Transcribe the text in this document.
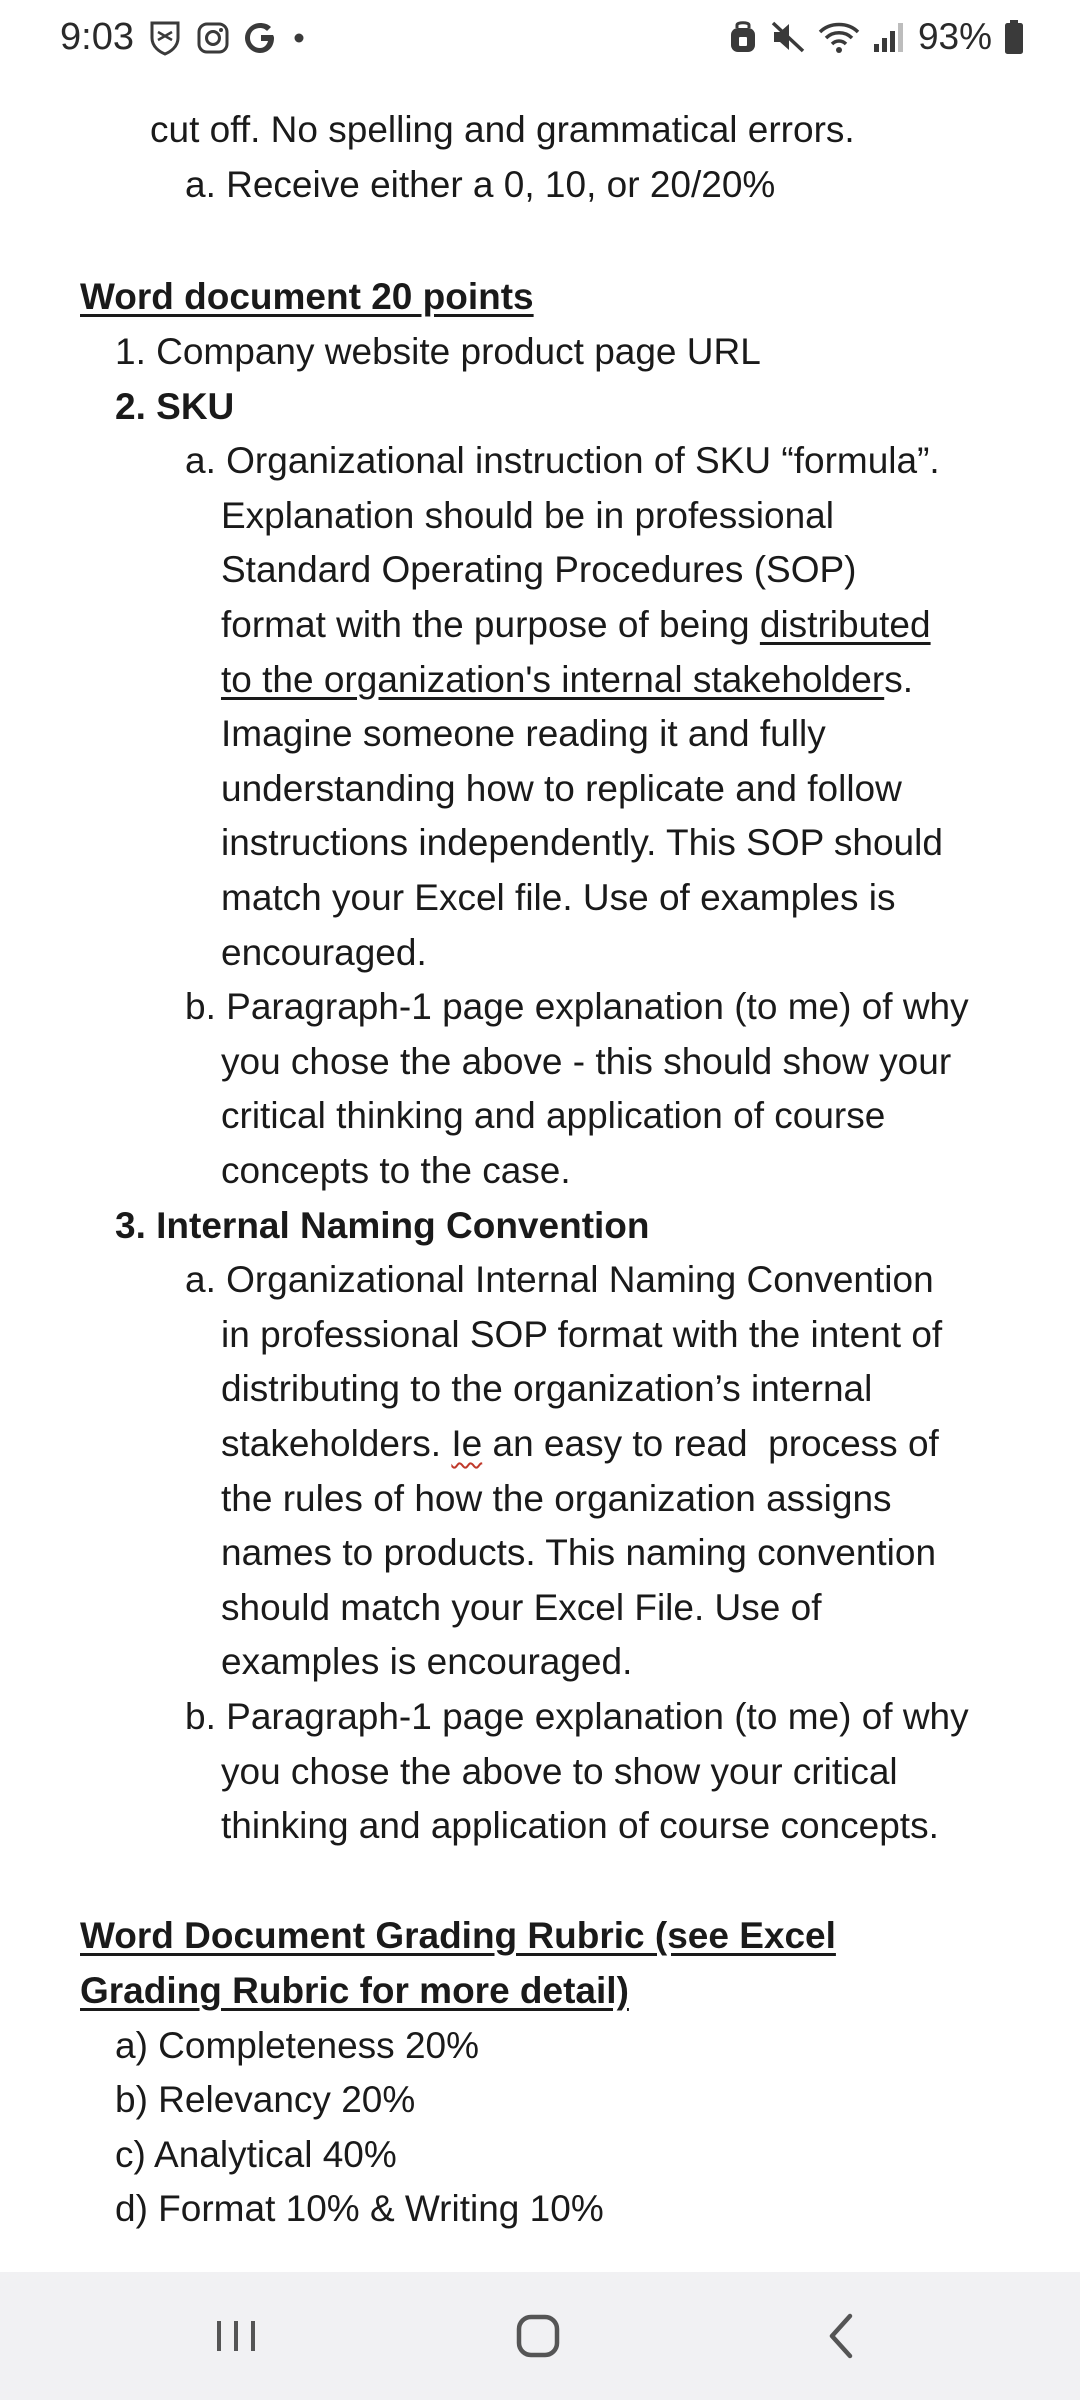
cut off. No spelling and grammatical errors.
a. Receive either a 0, 10, or 20/20%
Word document 20 points
1. Company website product page URL
2. SKU
a. Organizational instruction of SKU “formula”.
Explanation should be in professional
Standard Operating Procedures (SOP)
format with the purpose of being distributed
to the organization's internal stakeholders.
Imagine someone reading it and fully
understanding how to replicate and follow
instructions independently. This SOP should
match your Excel file. Use of examples is
encouraged.
b. Paragraph-1 page explanation (to me) of why
you chose the above - this should show your
critical thinking and application of course
concepts to the case.
3. Internal Naming Convention
a. Organizational Internal Naming Convention
in professional SOP format with the intent of
distributing to the organization’s internal
stakeholders. Ie an easy to read  process of
the rules of how the organization assigns
names to products. This naming convention
should match your Excel File. Use of
examples is encouraged.
b. Paragraph-1 page explanation (to me) of why
you chose the above to show your critical
thinking and application of course concepts.
Word Document Grading Rubric (see Excel
Grading Rubric for more detail)
a) Completeness 20%
b) Relevancy 20%
c) Analytical 40%
d) Format 10% & Writing 10%
9:03	93%
